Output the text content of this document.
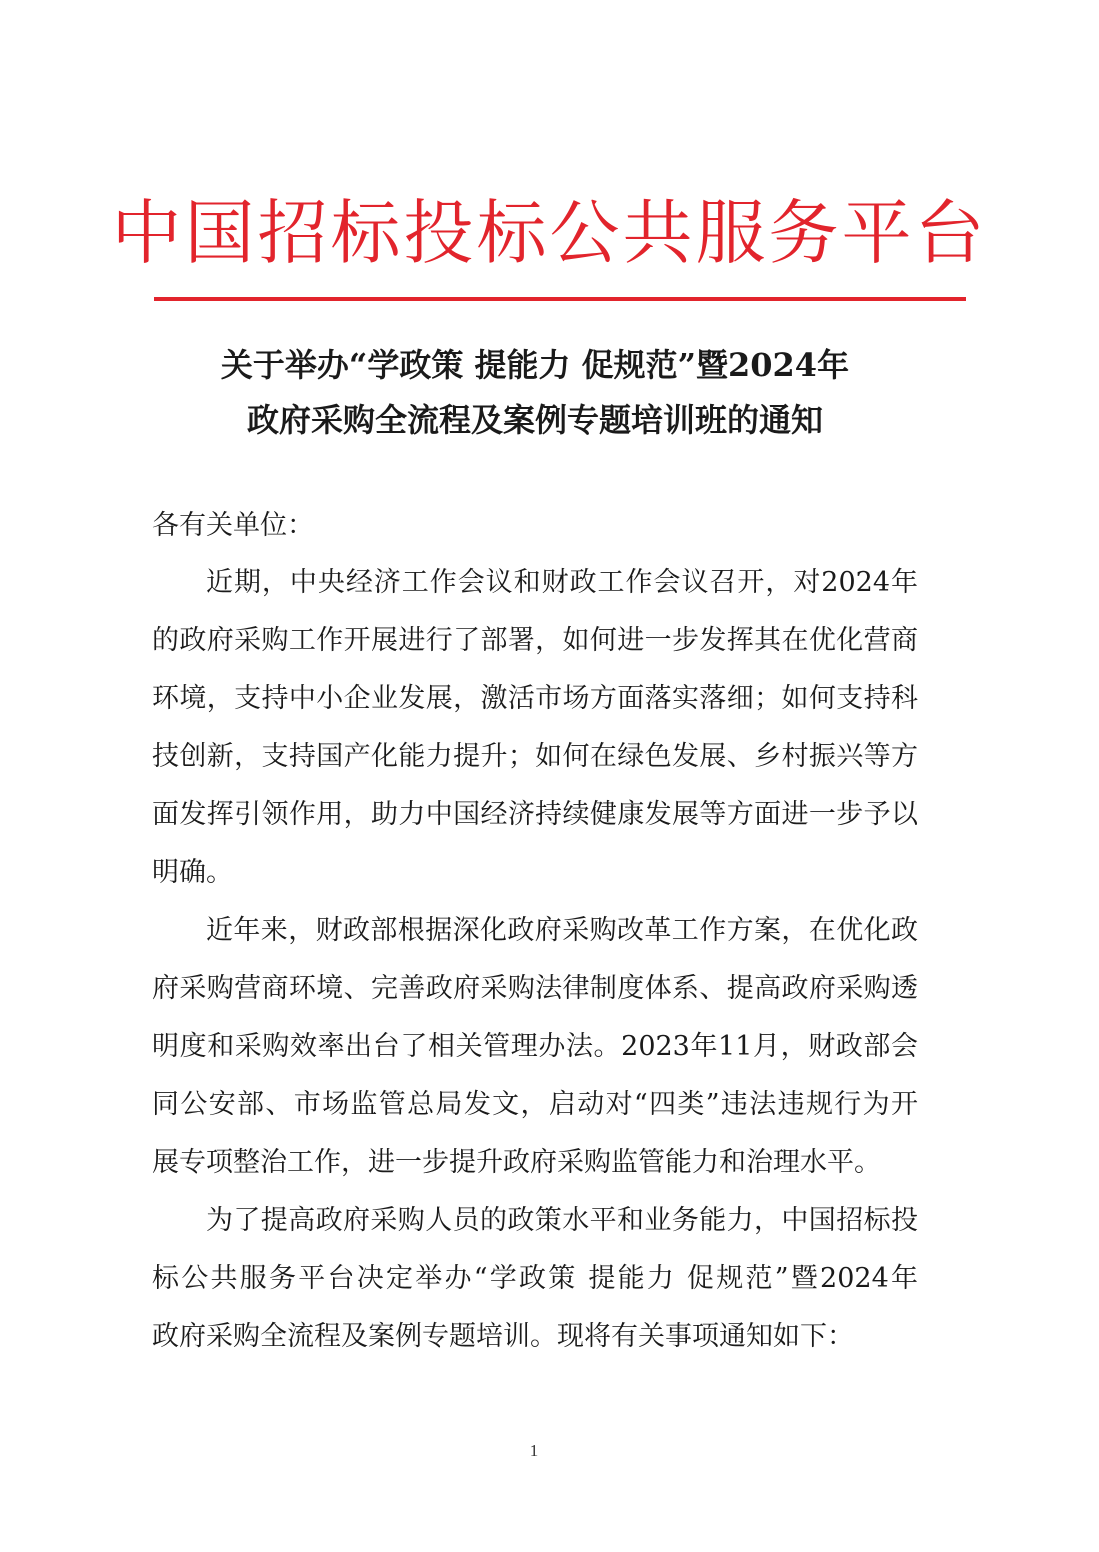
中国招标投标公共服务平台
关于举办“学政策 提能力 促规范”暨2024年
政府采购全流程及案例专题培训班的通知
各有关单位：
近期，中央经济工作会议和财政工作会议召开，对2024年
的政府采购工作开展进行了部署，如何进一步发挥其在优化营商
环境，支持中小企业发展，激活市场方面落实落细；如何支持科
技创新，支持国产化能力提升；如何在绿色发展、乡村振兴等方
面发挥引领作用，助力中国经济持续健康发展等方面进一步予以
明确。
近年来，财政部根据深化政府采购改革工作方案，在优化政
府采购营商环境、完善政府采购法律制度体系、提高政府采购透
明度和采购效率出台了相关管理办法。2023年11月，财政部会
同公安部、市场监管总局发文，启动对“四类”违法违规行为开
展专项整治工作，进一步提升政府采购监管能力和治理水平。
为了提高政府采购人员的政策水平和业务能力，中国招标投
标公共服务平台决定举办“学政策 提能力 促规范”暨2024年
政府采购全流程及案例专题培训。现将有关事项通知如下：
1
